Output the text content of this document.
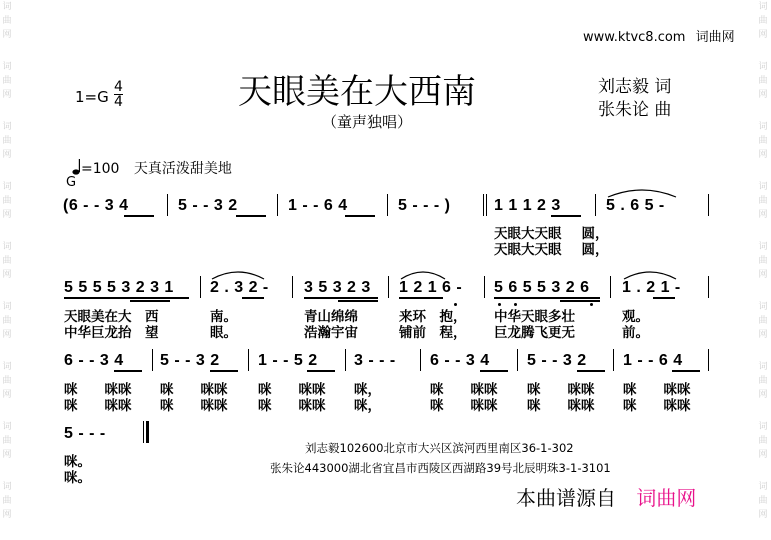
词曲网
词曲网
词曲网
词曲网
词曲网
词曲网
词曲网
词曲网
词曲网
词曲网
词曲网
词曲网
词曲网
词曲网
词曲网
词曲网
词曲网
词曲网
www.ktvc8.com 词曲网
1=G
4
4	天眼美在大西南
（童声独唱）
刘志毅 词
张朱论 曲
=100 天真活泼甜美地
G
(6 - - 3 4	5 - - 3 2	1 - - 6 4	5 - - - )	1 1 1 2 3	5 . 6 5 -
天眼大天眼 圆，
天眼大天眼 圆，
5 5 5 5 3 2 3 1 2 . 3 2 - 3 5 3 2 3 1 2 1 6 - 5 6 5 5 3 2 6 1 . 2 1 -
天眼美在大　西	南。	青山绵绵	来环　抱， 中华天眼多壮	观。
中华巨龙抬　望	眼。	浩瀚宇宙	铺前　程， 巨龙腾飞更无	前。
6 - - 3 4 5 - - 3 2 1 - - 5 2 3 - - - 6 - - 3 4 5 - - 3 2 1 - - 6 4
咪　　咪咪 咪　　咪咪 咪　　咪咪 咪，	咪　　咪咪 咪　　咪咪 咪　　咪咪
咪　　咪咪 咪　　咪咪 咪　　咪咪 咪，	咪　　咪咪 咪　　咪咪 咪　　咪咪
5 - - -
咪。
咪。
刘志毅102600北京市大兴区滨河西里南区36-1-302
张朱论443000湖北省宜昌市西陵区西湖路39号北辰明珠3-1-3101
本曲谱源自 词曲网
